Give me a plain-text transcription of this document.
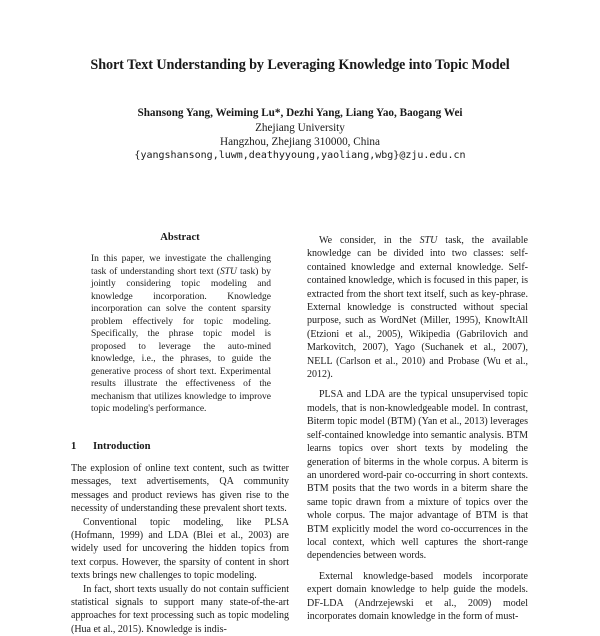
Short Text Understanding by Leveraging Knowledge into Topic Model
Shansong Yang, Weiming Lu*, Dezhi Yang, Liang Yao, Baogang Wei
Zhejiang University
Hangzhou, Zhejiang 310000, China
{yangshansong,luwm,deathyyoung,yaoliang,wbg}@zju.edu.cn
Abstract
In this paper, we investigate the challenging task of understanding short text (STU task) by jointly considering topic modeling and knowledge incorporation. Knowledge incorporation can solve the content sparsity problem effectively for topic modeling. Specifically, the phrase topic model is proposed to leverage the auto-mined knowledge, i.e., the phrases, to guide the generative process of short text. Experimental results illustrate the effectiveness of the mechanism that utilizes knowledge to improve topic modeling's performance.
1 Introduction

The explosion of online text content, such as twitter messages, text advertisements, QA community messages and product reviews has given rise to the necessity of understanding these prevalent short texts.

Conventional topic modeling, like PLSA (Hofmann, 1999) and LDA (Blei et al., 2003) are widely used for uncovering the hidden topics from text corpus. However, the sparsity of content in short texts brings new challenges to topic modeling.

In fact, short texts usually do not contain sufficient statistical signals to support many state-of-the-art approaches for text processing such as topic modeling (Hua et al., 2015). Knowledge is indis-

We consider, in the STU task, the available knowledge can be divided into two classes: self-contained knowledge and external knowledge. Self-contained knowledge, which is focused in this paper, is extracted from the short text itself, such as key-phrase. External knowledge is constructed without special purpose, such as WordNet (Miller, 1995), KnowItAll (Etzioni et al., 2005), Wikipedia (Gabrilovich and Markovitch, 2007), Yago (Suchanek et al., 2007), NELL (Carlson et al., 2010) and Probase (Wu et al., 2012).

PLSA and LDA are the typical unsupervised topic models, that is non-knowledgeable model. In contrast, Biterm topic model (BTM) (Yan et al., 2013) leverages self-contained knowledge into semantic analysis. BTM learns topics over short texts by modeling the generation of biterms in the whole corpus. A biterm is an unordered word-pair co-occurring in short contexts. BTM posits that the two words in a biterm share the same topic drawn from a mixture of topics over the whole corpus. The major advantage of BTM is that BTM explicitly model the word co-occurrences in the local context, which well captures the short-range dependencies between words.

External knowledge-based models incorporate expert domain knowledge to help guide the models. DF-LDA (Andrzejewski et al., 2009) model incorporates domain knowledge in the form of must-
